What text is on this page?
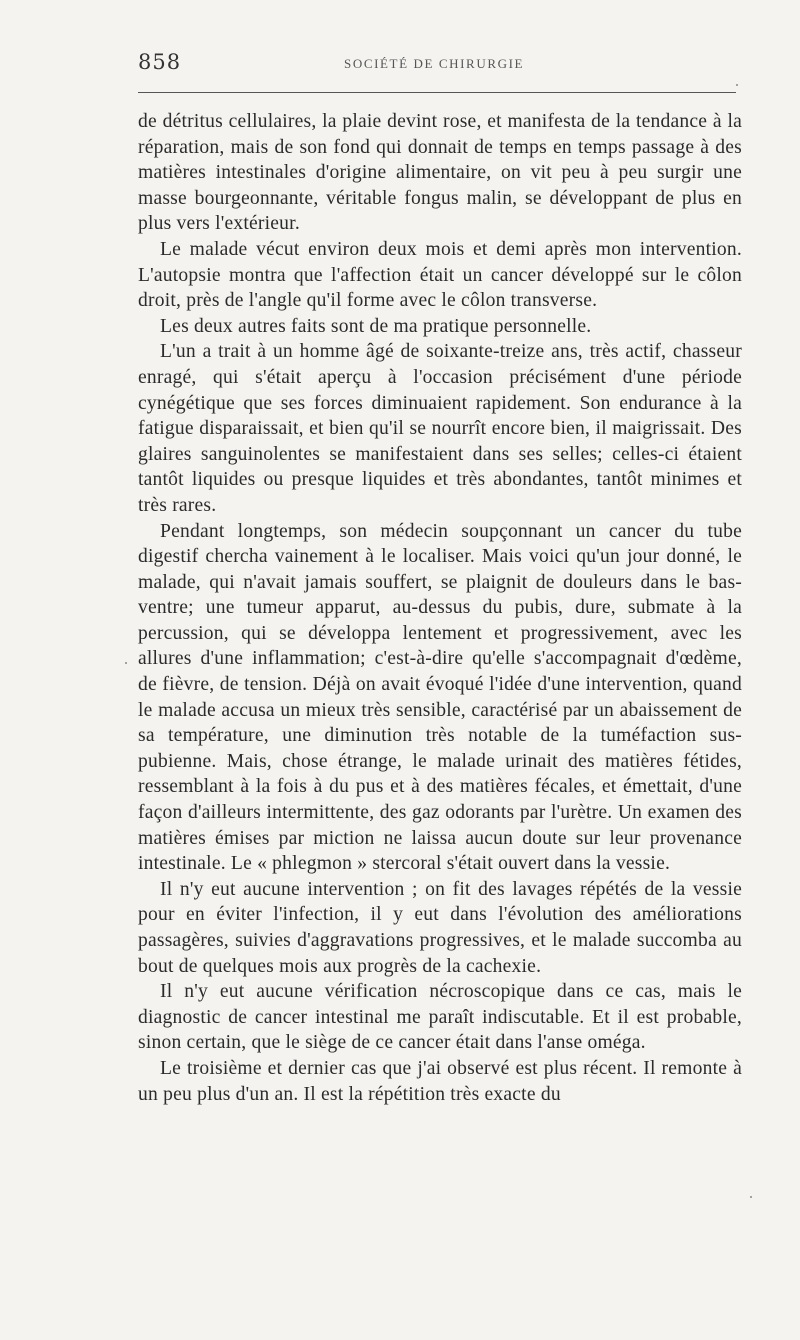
858	SOCIÉTÉ DE CHIRURGIE

de détritus cellulaires, la plaie devint rose, et manifesta de la tendance à la réparation, mais de son fond qui donnait de temps en temps passage à des matières intestinales d'origine alimentaire, on vit peu à peu surgir une masse bourgeonnante, véritable fongus malin, se développant de plus en plus vers l'extérieur.

Le malade vécut environ deux mois et demi après mon intervention. L'autopsie montra que l'affection était un cancer développé sur le côlon droit, près de l'angle qu'il forme avec le côlon transverse.

Les deux autres faits sont de ma pratique personnelle.

L'un a trait à un homme âgé de soixante-treize ans, très actif, chasseur enragé, qui s'était aperçu à l'occasion précisément d'une période cynégétique que ses forces diminuaient rapidement. Son endurance à la fatigue disparaissait, et bien qu'il se nourrît encore bien, il maigrissait. Des glaires sanguinolentes se manifestaient dans ses selles; celles-ci étaient tantôt liquides ou presque liquides et très abondantes, tantôt minimes et très rares.

Pendant longtemps, son médecin soupçonnant un cancer du tube digestif chercha vainement à le localiser. Mais voici qu'un jour donné, le malade, qui n'avait jamais souffert, se plaignit de douleurs dans le bas-ventre; une tumeur apparut, au-dessus du pubis, dure, submate à la percussion, qui se développa lentement et progressivement, avec les allures d'une inflammation; c'est-à-dire qu'elle s'accompagnait d'œdème, de fièvre, de tension. Déjà on avait évoqué l'idée d'une intervention, quand le malade accusa un mieux très sensible, caractérisé par un abaissement de sa température, une diminution très notable de la tuméfaction sus-pubienne. Mais, chose étrange, le malade urinait des matières fétides, ressemblant à la fois à du pus et à des matières fécales, et émettait, d'une façon d'ailleurs intermittente, des gaz odorants par l'urètre. Un examen des matières émises par miction ne laissa aucun doute sur leur provenance intestinale. Le « phlegmon » stercoral s'était ouvert dans la vessie.

Il n'y eut aucune intervention ; on fit des lavages répétés de la vessie pour en éviter l'infection, il y eut dans l'évolution des améliorations passagères, suivies d'aggravations progressives, et le malade succomba au bout de quelques mois aux progrès de la cachexie.

Il n'y eut aucune vérification nécroscopique dans ce cas, mais le diagnostic de cancer intestinal me paraît indiscutable. Et il est probable, sinon certain, que le siège de ce cancer était dans l'anse oméga.

Le troisième et dernier cas que j'ai observé est plus récent. Il remonte à un peu plus d'un an. Il est la répétition très exacte du
